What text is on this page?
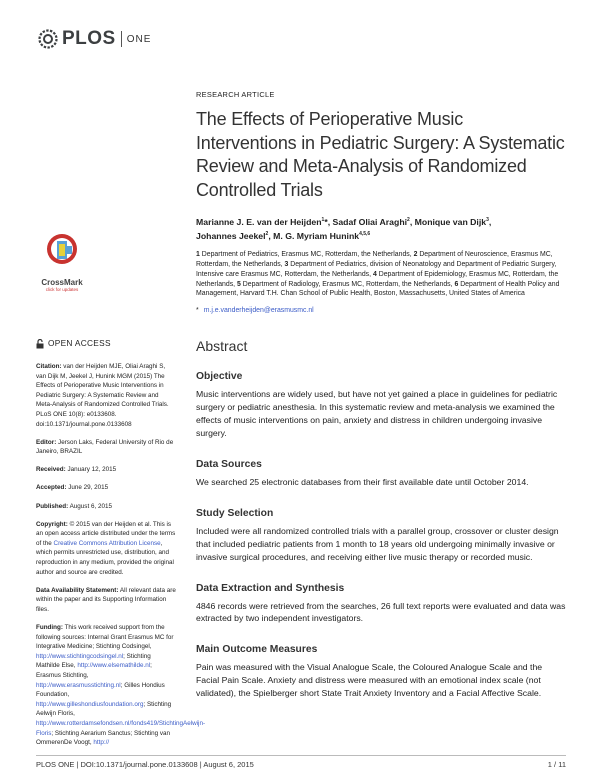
PLOS ONE
CrossMark
click for updates
OPEN ACCESS

Citation: van der Heijden MJE, Oliai Araghi S, van Dijk M, Jeekel J, Hunink MGM (2015) The Effects of Perioperative Music Interventions in Pediatric Surgery: A Systematic Review and Meta-Analysis of Randomized Controlled Trials. PLoS ONE 10(8): e0133608. doi:10.1371/journal.pone.0133608

Editor: Jerson Laks, Federal University of Rio de Janeiro, BRAZIL

Received: January 12, 2015

Accepted: June 29, 2015

Published: August 6, 2015

Copyright: © 2015 van der Heijden et al. This is an open access article distributed under the terms of the Creative Commons Attribution License, which permits unrestricted use, distribution, and reproduction in any medium, provided the original author and source are credited.

Data Availability Statement: All relevant data are within the paper and its Supporting Information files.

Funding: This work received support from the following sources: Internal Grant Erasmus MC for Integrative Medicine; Stichting Codsingel, http://www.stichtingcodsingel.nl; Stichting Mathilde Else, http://www.elsemathilde.nl; Erasmus Stichting, http://www.erasmusstichting.nl; Gilles Hondius Foundation, http://www.gilleshondiusfoundation.org; Stichting Aelwijn Floris, http://www.rotterdamsefondsen.nl/fonds419/StichtingAelwijn-Floris; Stichting Aerarium Sanctus; Stichting van OmmerenDe Voogt, http://

RESEARCH ARTICLE
The Effects of Perioperative Music Interventions in Pediatric Surgery: A Systematic Review and Meta-Analysis of Randomized Controlled Trials
Marianne J. E. van der Heijden$^1$*, Sadaf Oliai Araghi$^2$, Monique van Dijk$^3$,
Johannes Jeekel$^2$, M. G. Myriam Hunink$^{4,5,6}$
1 Department of Pediatrics, Erasmus MC, Rotterdam, the Netherlands, 2 Department of Neuroscience, Erasmus MC, Rotterdam, the Netherlands, 3 Department of Pediatrics, division of Neonatology and Department of Pediatric Surgery, Intensive care Erasmus MC, Rotterdam, the Netherlands, 4 Department of Epidemiology, Erasmus MC, Rotterdam, the Netherlands, 5 Department of Radiology, Erasmus MC, Rotterdam, the Netherlands, 6 Department of Health Policy and Management, Harvard T.H. Chan School of Public Health, Boston, Massachusetts, United States of America
* m.j.e.vanderheijden@erasmusmc.nl
Abstract
Objective
Music interventions are widely used, but have not yet gained a place in guidelines for pediatric surgery or pediatric anesthesia. In this systematic review and meta-analysis we examined the effects of music interventions on pain, anxiety and distress in children undergoing invasive surgery.
Data Sources
We searched 25 electronic databases from their first available date until October 2014.
Study Selection
Included were all randomized controlled trials with a parallel group, crossover or cluster design that included pediatric patients from 1 month to 18 years old undergoing minimally invasive or invasive surgical procedures, and receiving either live music therapy or recorded music.
Data Extraction and Synthesis
4846 records were retrieved from the searches, 26 full text reports were evaluated and data was extracted by two independent investigators.
Main Outcome Measures
Pain was measured with the Visual Analogue Scale, the Coloured Analogue Scale and the Facial Pain Scale. Anxiety and distress were measured with an emotional index scale (not validated), the Spielberger short State Trait Anxiety Inventory and a Facial Affective Scale.
PLOS ONE | DOI:10.1371/journal.pone.0133608 | August 6, 2015	1 / 11
